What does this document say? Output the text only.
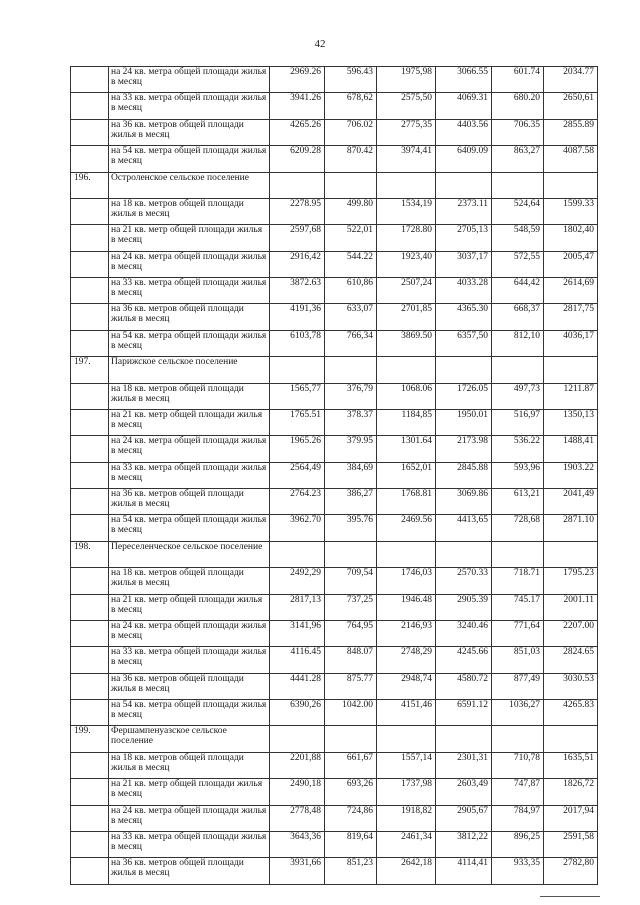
42
	на 24 кв. метра общей площади жилья в месяц	2969.26	596.43	1975,98	3066.55	601.74	2034.77
	на 33 кв. метра общей площади жилья в месяц	3941.26	678,62	2575,50	4069.31	680.20	2650,61
	на 36 кв. метров общей площади жилья в месяц	4265.26	706.02	2775,35	4403.56	706.35	2855.89
	на 54 кв. метра общей площади жилья в месяц	6209.28	870.42	3974,41	6409.09	863,27	4087.58
196.	Остроленское сельское поселение						
	на 18 кв. метров общей площади жилья в месяц	2278.95	499.80	1534,19	2373.11	524,64	1599.33
	на 21 кв. метр общей площади жилья в месяц	2597,68	522,01	1728.80	2705,13	548,59	1802,40
	на 24 кв. метра общей площади жилья в месяц	2916,42	544.22	1923,40	3037,17	572,55	2005,47
	на 33 кв. метра общей площади жилья в месяц	3872.63	610,86	2507,24	4033.28	644,42	2614,69
	на 36 кв. метров общей площади жилья в месяц	4191,36	633,07	2701,85	4365.30	668,37	2817,75
	на 54 кв. метра общей площади жилья в месяц	6103,78	766,34	3869.50	6357,50	812,10	4036,17
197.	Парижское сельское поселение						
	на 18 кв. метров общей площади жилья в месяц	1565,77	376,79	1068.06	1726.05	497,73	1211.87
	на 21 кв. метр общей площади жилья в месяц	1765.51	378.37	1184,85	1950.01	516,97	1350,13
	на 24 кв. метра общей площади жилья в месяц	1965.26	379.95	1301.64	2173.98	536.22	1488,41
	на 33 кв. метра общей площади жилья в месяц	2564,49	384,69	1652,01	2845.88	593,96	1903.22
	на 36 кв. метров общей площади жилья в месяц	2764.23	386,27	1768.81	3069.86	613,21	2041,49
	на 54 кв. метра общей площади жилья в месяц	3962.70	395.76	2469.56	4413,65	728,68	2871.10
198.	Переселенческое сельское поселение						
	на 18 кв. метров общей площади жилья в месяц	2492,29	709,54	1746,03	2570.33	718.71	1795.23
	на 21 кв. метр общей площади жилья в месяц	2817,13	737,25	1946.48	2905.39	745.17	2001.11
	на 24 кв. метра общей площади жилья в месяц	3141,96	764,95	2146,93	3240.46	771,64	2207.00
	на 33 кв. метра общей площади жилья в месяц	4116.45	848.07	2748,29	4245.66	851,03	2824.65
	на 36 кв. метров общей площади жилья в месяц	4441.28	875.77	2948,74	4580.72	877,49	3030.53
	на 54 кв. метра общей площади жилья в месяц	6390,26	1042.00	4151,46	6591.12	1036,27	4265.83
199.	Фершампенуазское сельское поселение						
	на 18 кв. метров общей площади жилья в месяц	2201,88	661,67	1557,14	2301,31	710,78	1635,51
	на 21 кв. метр общей площади жилья в месяц	2490,18	693,26	1737,98	2603,49	747,87	1826,72
	на 24 кв. метра общей площади жилья в месяц	2778,48	724,86	1918,82	2905,67	784,97	2017,94
	на 33 кв. метра общей площади жилья в месяц	3643,36	819,64	2461,34	3812,22	896,25	2591,58
	на 36 кв. метров общей площади жилья в месяц	3931,66	851,23	2642,18	4114,41	933,35	2782,80
